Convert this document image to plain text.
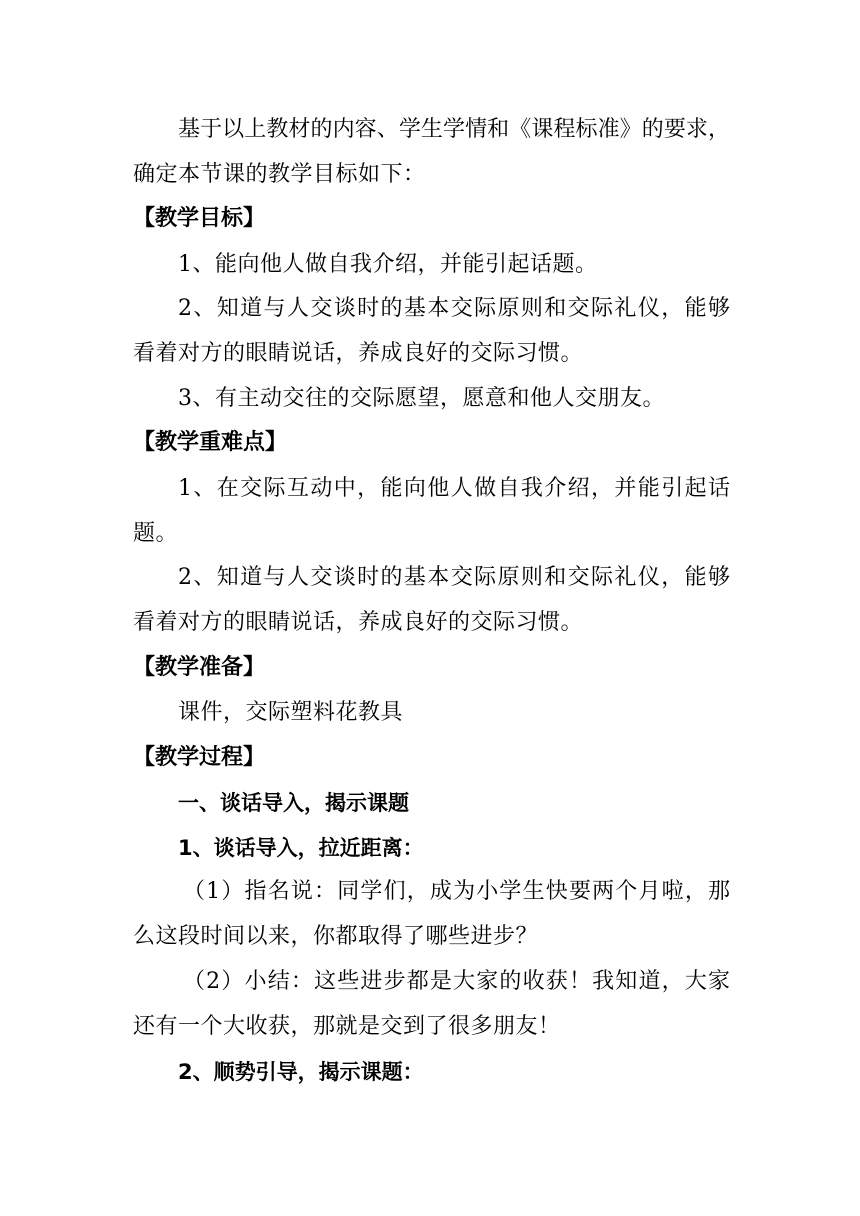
基于以上教材的内容、学生学情和《课程标准》的要求，
确定本节课的教学目标如下：
【教学目标】
1、能向他人做自我介绍，并能引起话题。
2、知道与人交谈时的基本交际原则和交际礼仪，能够
看着对方的眼睛说话，养成良好的交际习惯。
3、有主动交往的交际愿望，愿意和他人交朋友。
【教学重难点】
1、在交际互动中，能向他人做自我介绍，并能引起话
题。
2、知道与人交谈时的基本交际原则和交际礼仪，能够
看着对方的眼睛说话，养成良好的交际习惯。
【教学准备】
课件，交际塑料花教具
【教学过程】
一、谈话导入，揭示课题
1、谈话导入，拉近距离：
（1）指名说：同学们，成为小学生快要两个月啦，那
么这段时间以来，你都取得了哪些进步？
（2）小结：这些进步都是大家的收获！我知道，大家
还有一个大收获，那就是交到了很多朋友！
2、顺势引导，揭示课题：
